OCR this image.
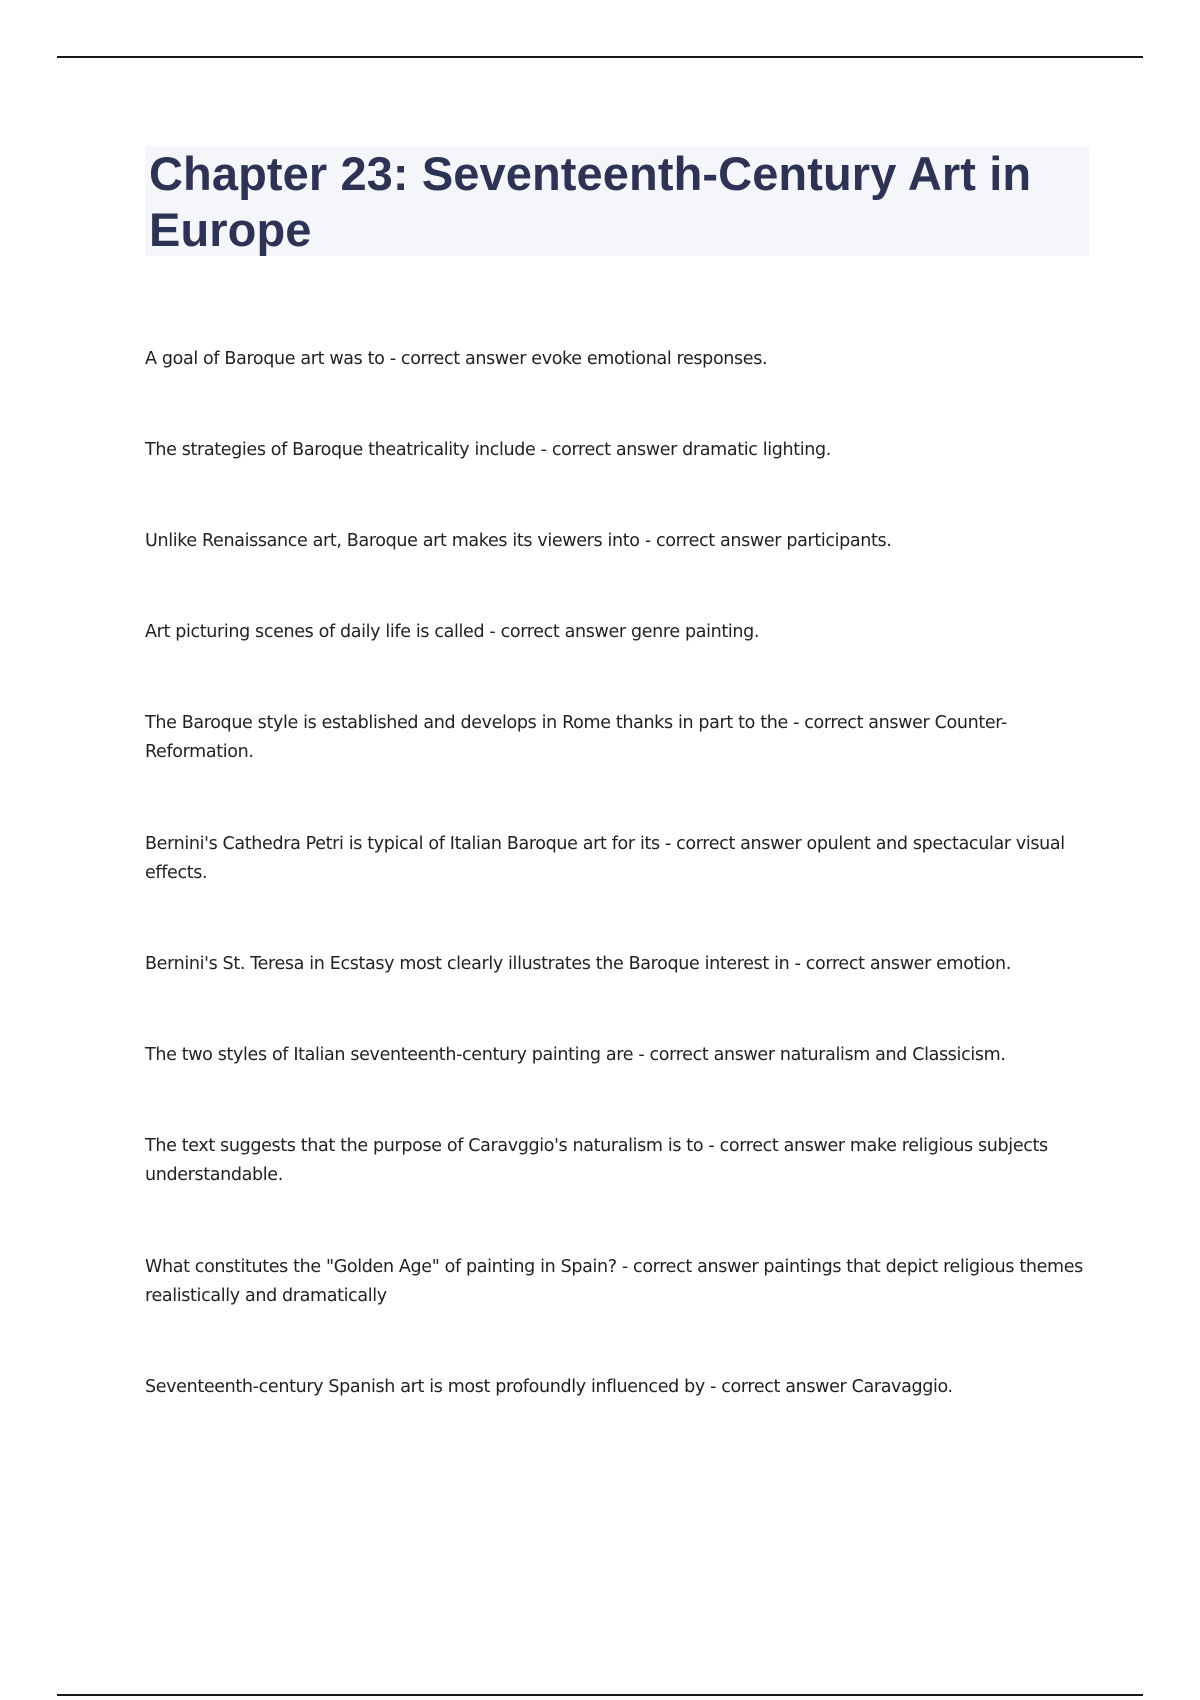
Chapter 23: Seventeenth-Century Art in Europe
A goal of Baroque art was to - correct answer evoke emotional responses.
The strategies of Baroque theatricality include - correct answer dramatic lighting.
Unlike Renaissance art, Baroque art makes its viewers into - correct answer participants.
Art picturing scenes of daily life is called - correct answer genre painting.
The Baroque style is established and develops in Rome thanks in part to the - correct answer Counter-Reformation.
Bernini's Cathedra Petri is typical of Italian Baroque art for its - correct answer opulent and spectacular visual effects.
Bernini's St. Teresa in Ecstasy most clearly illustrates the Baroque interest in - correct answer emotion.
The two styles of Italian seventeenth-century painting are - correct answer naturalism and Classicism.
The text suggests that the purpose of Caravggio's naturalism is to - correct answer make religious subjects understandable.
What constitutes the "Golden Age" of painting in Spain? - correct answer paintings that depict religious themes realistically and dramatically
Seventeenth-century Spanish art is most profoundly influenced by - correct answer Caravaggio.
